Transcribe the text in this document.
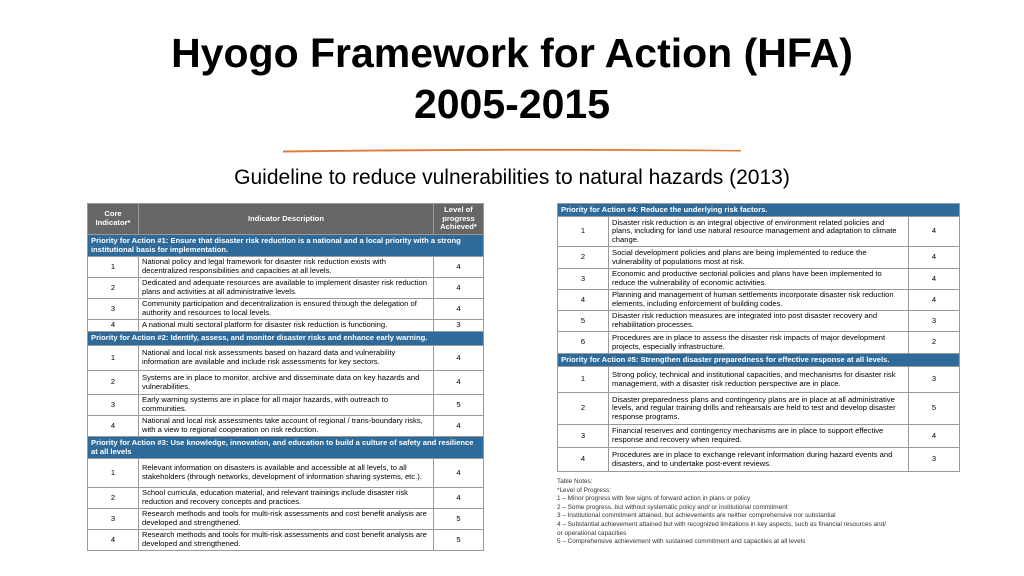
Hyogo Framework for Action (HFA)
2005-2015

Guideline to reduce vulnerabilities to natural hazards (2013)

Core Indicator*	Indicator Description	Level of progress Achieved*
Priority for Action #1: Ensure that disaster risk reduction is a national and a local priority with a strong institutional basis for implementation.		
1	National policy and legal framework for disaster risk reduction exists with decentralized responsibilities and capacities at all levels.	4
2	Dedicated and adequate resources are available to implement disaster risk reduction plans and activities at all administrative levels.	4
3	Community participation and decentralization is ensured through the delegation of authority and resources to local levels.	4
4	A national multi sectoral platform for disaster risk reduction is functioning.	3
Priority for Action #2: Identify, assess, and monitor disaster risks and enhance early warning.		
1	National and local risk assessments based on hazard data and vulnerability information are available and include risk assessments for key sectors.	4
2	Systems are in place to monitor, archive and disseminate data on key hazards and vulnerabilities.	4
3	Early warning systems are in place for all major hazards, with outreach to communities.	5
4	National and local risk assessments take account of regional / trans-boundary risks, with a view to regional cooperation on risk reduction.	4
Priority for Action #3: Use knowledge, innovation, and education to build a culture of safety and resilience at all levels		
1	Relevant information on disasters is available and accessible at all levels, to all stakeholders (through networks, development of information sharing systems, etc.).	4
2	School curricula, education material, and relevant trainings include disaster risk reduction and recovery concepts and practices.	4
3	Research methods and tools for multi-risk assessments and cost benefit analysis are developed and strengthened.	5
4	Research methods and tools for multi-risk assessments and cost benefit analysis are developed and strengthened.	5
Priority for Action #4: Reduce the underlying risk factors.		
1	Disaster risk reduction is an integral objective of environment related policies and plans, including for land use natural resource management and adaptation to climate change.	4
2	Social development policies and plans are being implemented to reduce the vulnerability of populations most at risk.	4
3	Economic and productive sectorial policies and plans have been implemented to reduce the vulnerability of economic activities.	4
4	Planning and management of human settlements incorporate disaster risk reduction elements, including enforcement of building codes.	4
5	Disaster risk reduction measures are integrated into post disaster recovery and rehabilitation processes.	3
6	Procedures are in place to assess the disaster risk impacts of major development projects, especially infrastructure.	2
Priority for Action #5: Strengthen disaster preparedness for effective response at all levels.		
1	Strong policy, technical and institutional capacities, and mechanisms for disaster risk management, with a disaster risk reduction perspective are in place.	3
2	Disaster preparedness plans and contingency plans are in place at all administrative levels, and regular training drills and rehearsals are held to test and develop disaster response programs.	5
3	Financial reserves and contingency mechanisms are in place to support effective response and recovery when required.	4
4	Procedures are in place to exchange relevant information during hazard events and disasters, and to undertake post-event reviews.	3
Table Notes:
*Level of Progress:
1 – Minor progress with few signs of forward action in plans or policy
2 – Some progress, but without systematic policy and/ or institutional commitment
3 – Institutional commitment attained, but achievements are neither comprehensive nor substantial
4 – Substantial achievement attained but with recognized limitations in key aspects, such as financial resources and/
or operational capacities
5 – Comprehensive achievement with sustained commitment and capacities at all levels
